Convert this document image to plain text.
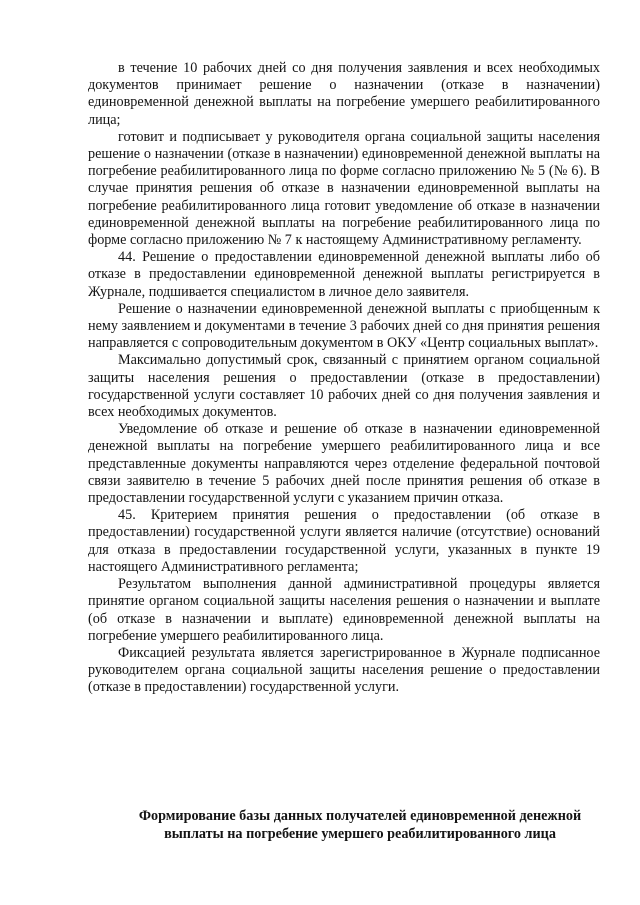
в течение 10 рабочих дней со дня получения заявления и всех необходимых документов принимает решение о назначении (отказе в назначении) единовременной денежной выплаты на погребение умершего реабилитированного лица;

готовит и подписывает у руководителя органа социальной защиты населения решение о назначении (отказе в назначении) единовременной денежной выплаты на погребение реабилитированного лица по форме согласно приложению № 5 (№ 6). В случае принятия решения об отказе в назначении единовременной выплаты на погребение реабилитированного лица готовит уведомление об отказе в назначении единовременной денежной выплаты на погребение реабилитированного лица по форме согласно приложению № 7 к настоящему Административному регламенту.

44. Решение о предоставлении единовременной денежной выплаты либо об отказе в предоставлении единовременной денежной выплаты регистрируется в Журнале, подшивается специалистом в личное дело заявителя.

Решение о назначении единовременной денежной выплаты с приобщенным к нему заявлением и документами в течение 3 рабочих дней со дня принятия решения направляется с сопроводительным документом в ОКУ «Центр социальных выплат».

Максимально допустимый срок, связанный с принятием органом социальной защиты населения решения о предоставлении (отказе в предоставлении) государственной услуги составляет 10 рабочих дней со дня получения заявления и всех необходимых документов.

Уведомление об отказе и решение об отказе в назначении единовременной денежной выплаты на погребение умершего реабилитированного лица и все представленные документы направляются через отделение федеральной почтовой связи заявителю в течение 5 рабочих дней после принятия решения об отказе в предоставлении государственной услуги с указанием причин отказа.

45. Критерием принятия решения о предоставлении (об отказе в предоставлении) государственной услуги является наличие (отсутствие) оснований для отказа в предоставлении государственной услуги, указанных в пункте 19 настоящего Административного регламента;

Результатом выполнения данной административной процедуры является принятие органом социальной защиты населения решения о назначении и выплате (об отказе в назначении и выплате) единовременной денежной выплаты на погребение умершего реабилитированного лица.

Фиксацией результата является зарегистрированное в Журнале подписанное руководителем органа социальной защиты населения решение о предоставлении (отказе в предоставлении) государственной услуги.

Формирование базы данных получателей единовременной денежной
выплаты на погребение умершего реабилитированного лица
